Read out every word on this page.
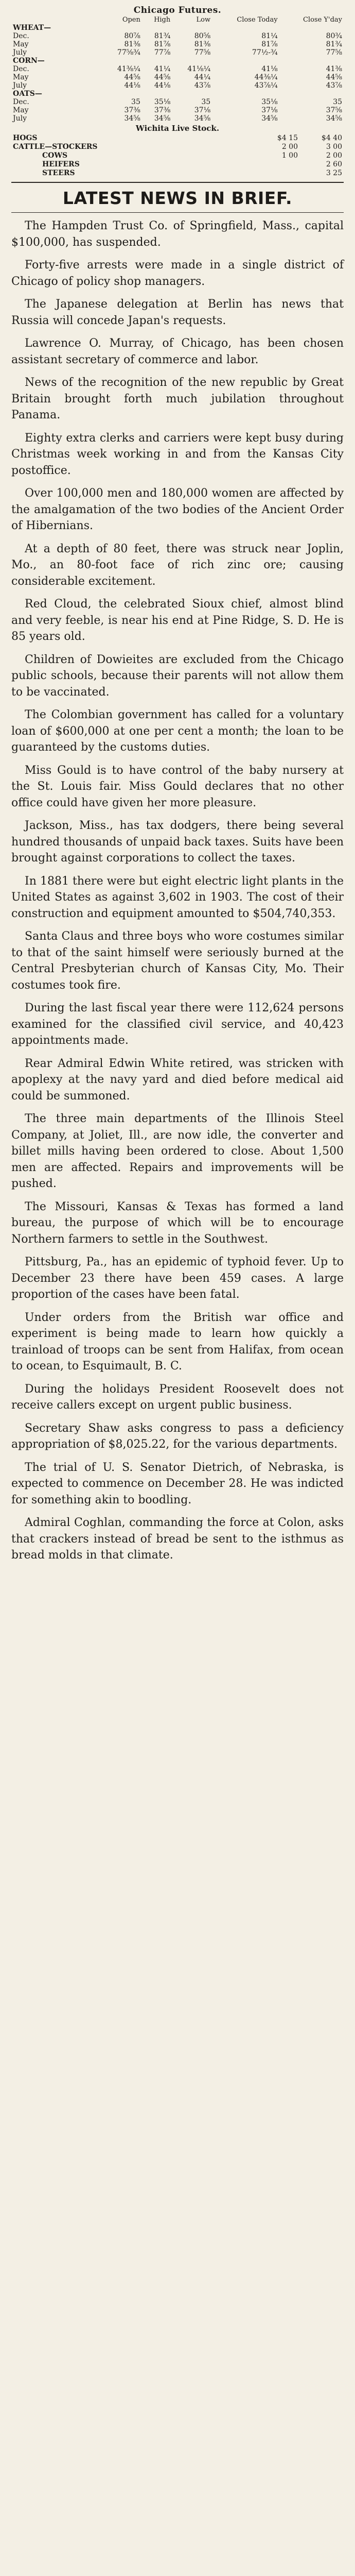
Chicago Futures.
	Open	High	Low	Close Today	Close Y'day
WHEAT—					
Dec.	80⅞	81¾	80⅝	81¼	80¾
May	81⅜	81⅞	81⅜	81⅞	81¾
July	77⅝¾	77⅞	77⅝	77½-¾	77⅝
CORN—					
Dec.	41⅜¼	41¼	41⅛¼	41⅛	41⅜
May	44⅝	44⅝	44¼	44⅜¼	44⅝
July	44⅛	44⅛	43⅞	43⅞¼	43⅞
OATS—					
Dec.	35	35⅛	35	35⅛	35
May	37⅜	37⅜	37⅛	37⅛	37⅝
July	34⅝	34⅝	34⅝	34⅝	34⅝
Wichita Live Stock.
HOGS	$4 15	$4 40
CATTLE—STOCKERS	2 00	3 00
COWS	1 00	2 00
HEIFERS		2 60
STEERS		3 25
LATEST NEWS IN BRIEF.

The Hampden Trust Co. of Springfield, Mass., capital $100,000, has suspended.

Forty-five arrests were made in a single district of Chicago of policy shop managers.

The Japanese delegation at Berlin has news that Russia will concede Japan's requests.

Lawrence O. Murray, of Chicago, has been chosen assistant secretary of commerce and labor.

News of the recognition of the new republic by Great Britain brought forth much jubilation throughout Panama.

Eighty extra clerks and carriers were kept busy during Christmas week working in and from the Kansas City postoffice.

Over 100,000 men and 180,000 women are affected by the amalgamation of the two bodies of the Ancient Order of Hibernians.

At a depth of 80 feet, there was struck near Joplin, Mo., an 80-foot face of rich zinc ore; causing considerable excitement.

Red Cloud, the celebrated Sioux chief, almost blind and very feeble, is near his end at Pine Ridge, S. D. He is 85 years old.

Children of Dowieites are excluded from the Chicago public schools, because their parents will not allow them to be vaccinated.

The Colombian government has called for a voluntary loan of $600,000 at one per cent a month; the loan to be guaranteed by the customs duties.

Miss Gould is to have control of the baby nursery at the St. Louis fair. Miss Gould declares that no other office could have given her more pleasure.

Jackson, Miss., has tax dodgers, there being several hundred thousands of unpaid back taxes. Suits have been brought against corporations to collect the taxes.

In 1881 there were but eight electric light plants in the United States as against 3,602 in 1903. The cost of their construction and equipment amounted to $504,740,353.

Santa Claus and three boys who wore costumes similar to that of the saint himself were seriously burned at the Central Presbyterian church of Kansas City, Mo. Their costumes took fire.

During the last fiscal year there were 112,624 persons examined for the classified civil service, and 40,423 appointments made.

Rear Admiral Edwin White retired, was stricken with apoplexy at the navy yard and died before medical aid could be summoned.

The three main departments of the Illinois Steel Company, at Joliet, Ill., are now idle, the converter and billet mills having been ordered to close. About 1,500 men are affected. Repairs and improvements will be pushed.

The Missouri, Kansas & Texas has formed a land bureau, the purpose of which will be to encourage Northern farmers to settle in the Southwest.

Pittsburg, Pa., has an epidemic of typhoid fever. Up to December 23 there have been 459 cases. A large proportion of the cases have been fatal.

Under orders from the British war office and experiment is being made to learn how quickly a trainload of troops can be sent from Halifax, from ocean to ocean, to Esquimault, B. C.

During the holidays President Roosevelt does not receive callers except on urgent public business.

Secretary Shaw asks congress to pass a deficiency appropriation of $8,025.22, for the various departments.

The trial of U. S. Senator Dietrich, of Nebraska, is expected to commence on December 28. He was indicted for something akin to boodling.

Admiral Coghlan, commanding the force at Colon, asks that crackers instead of bread be sent to the isthmus as bread molds in that climate.
